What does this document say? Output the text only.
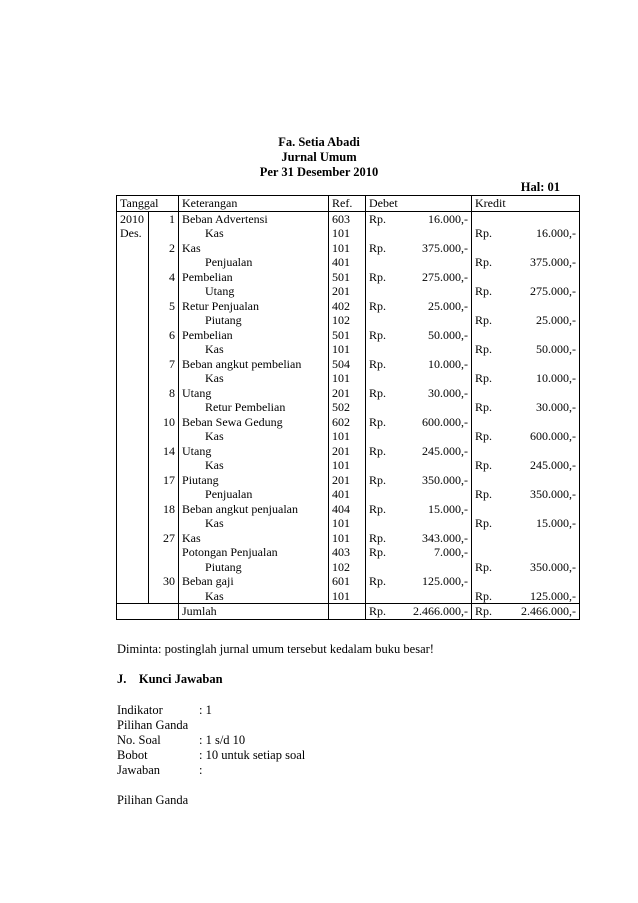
Fa. Setia Abadi
Jurnal Umum
Per 31 Desember 2010
Hal: 01
Tanggal		Keterangan	Ref.	Debet		Kredit	
2010	1	Beban Advertensi	603	Rp.	16.000,-		
Des.		Kas	101			Rp.	16.000,-
	2	Kas	101	Rp.	375.000,-		
		Penjualan	401			Rp.	375.000,-
	4	Pembelian	501	Rp.	275.000,-		
		Utang	201			Rp.	275.000,-
	5	Retur Penjualan	402	Rp.	25.000,-		
		Piutang	102			Rp.	25.000,-
	6	Pembelian	501	Rp.	50.000,-		
		Kas	101			Rp.	50.000,-
	7	Beban angkut pembelian	504	Rp.	10.000,-		
		Kas	101			Rp.	10.000,-
	8	Utang	201	Rp.	30.000,-		
		Retur Pembelian	502			Rp.	30.000,-
	10	Beban Sewa Gedung	602	Rp.	600.000,-		
		Kas	101			Rp.	600.000,-
	14	Utang	201	Rp.	245.000,-		
		Kas	101			Rp.	245.000,-
	17	Piutang	201	Rp.	350.000,-		
		Penjualan	401			Rp.	350.000,-
	18	Beban angkut penjualan	404	Rp.	15.000,-		
		Kas	101			Rp.	15.000,-
	27	Kas	101	Rp.	343.000,-		
		Potongan Penjualan	403	Rp.	7.000,-		
		Piutang	102			Rp.	350.000,-
	30	Beban gaji	601	Rp.	125.000,-		
		Kas	101			Rp.	125.000,-
		Jumlah		Rp.	2.466.000,-	Rp.	2.466.000,-
Diminta: postinglah jurnal umum tersebut kedalam buku besar!
J. Kunci Jawaban
Indikator	: 1
Pilihan Ganda
No. Soal	: 1 s/d 10
Bobot	: 10 untuk setiap soal
Jawaban	:
Pilihan Ganda
